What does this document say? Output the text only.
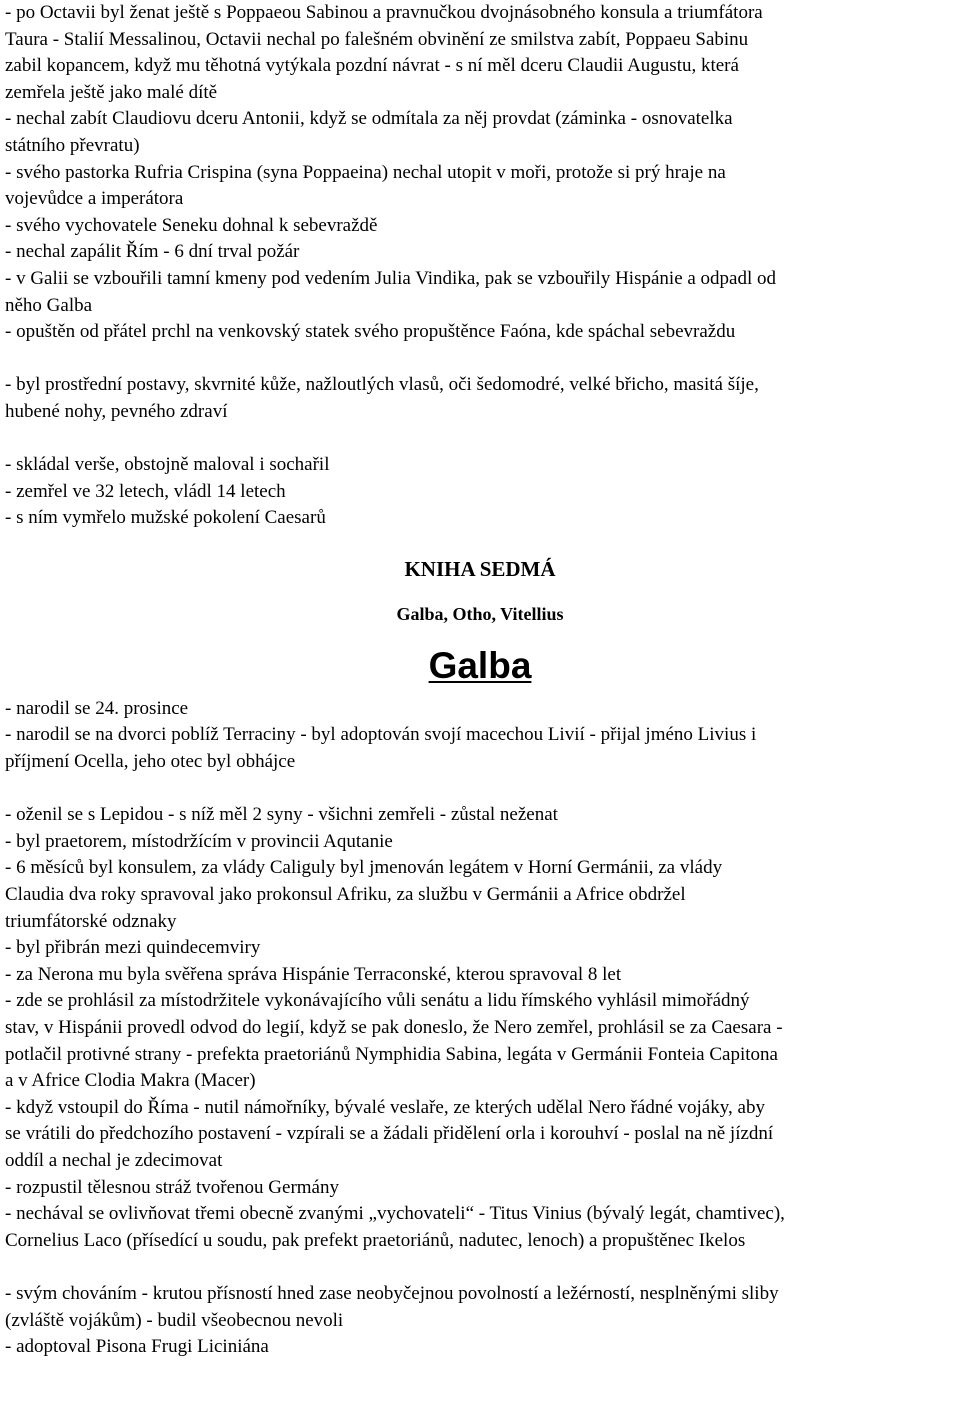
- po Octavii byl ženat ještě s Poppaeou Sabinou a pravnučkou dvojnásobného konsula a triumfátora
Taura - Stalií Messalinou, Octavii nechal po falešném obvinění ze smilstva zabít, Poppaeu Sabinu
zabil kopancem, když mu těhotná vytýkala pozdní návrat - s ní měl dceru Claudii Augustu, která
zemřela ještě jako malé dítě
- nechal zabít Claudiovu dceru Antonii, když se odmítala za něj provdat (záminka - osnovatelka
státního převratu)
- svého pastorka Rufria Crispina (syna Poppaeina) nechal utopit v moři, protože si prý hraje na
vojevůdce a imperátora
- svého vychovatele Seneku dohnal k sebevraždě
- nechal zapálit Řím - 6 dní trval požár
- v Galii se vzbouřili tamní kmeny pod vedením Julia Vindika, pak se vzbouřily Hispánie a odpadl od
něho Galba
- opuštěn od přátel prchl na venkovský statek svého propuštěnce Faóna, kde spáchal sebevraždu
- byl prostřední postavy, skvrnité kůže, nažloutlých vlasů, oči šedomodré, velké břicho, masitá šíje,
hubené nohy, pevného zdraví
- skládal verše, obstojně maloval i sochařil
- zemřel ve 32 letech, vládl 14 letech
- s ním vymřelo mužské pokolení Caesarů
KNIHA SEDMÁ
Galba, Otho, Vitellius
Galba
- narodil se 24. prosince
- narodil se na dvorci poblíž Terraciny - byl adoptován svojí macechou Livií - přijal jméno Livius i
příjmení Ocella, jeho otec byl obhájce
- oženil se s Lepidou - s níž měl 2 syny - všichni zemřeli - zůstal neženat
- byl praetorem, místodržícím v provincii Aqutanie
- 6 měsíců byl konsulem, za vlády Caliguly byl jmenován legátem v Horní Germánii, za vlády
Claudia dva roky spravoval jako prokonsul Afriku, za službu v Germánii a Africe obdržel
triumfátorské odznaky
- byl přibrán mezi quindecemviry
- za Nerona mu byla svěřena správa Hispánie Terraconské, kterou spravoval 8 let
- zde se prohlásil za místodržitele vykonávajícího vůli senátu a lidu římského vyhlásil mimořádný
stav, v Hispánii provedl odvod do legií, když se pak doneslo, že Nero zemřel, prohlásil se za Caesara -
potlačil protivné strany - prefekta praetoriánů Nymphidia Sabina, legáta v Germánii Fonteia Capitona
a v Africe Clodia Makra (Macer)
- když vstoupil do Říma - nutil námořníky, bývalé veslaře, ze kterých udělal Nero řádné vojáky, aby
se vrátili do předchozího postavení - vzpírali se a žádali přidělení orla i korouhví - poslal na ně jízdní
oddíl a nechal je zdecimovat
- rozpustil tělesnou stráž tvořenou Germány
- nechával se ovlivňovat třemi obecně zvanými „vychovateli“ - Titus Vinius (bývalý legát, chamtivec),
Cornelius Laco (přísedící u soudu, pak prefekt praetoriánů, nadutec, lenoch) a propuštěnec Ikelos
- svým chováním - krutou přísností hned zase neobyčejnou povolností a ležérností, nesplněnými sliby
(zvláště vojákům) - budil všeobecnou nevoli
- adoptoval Pisona Frugi Liciniána
